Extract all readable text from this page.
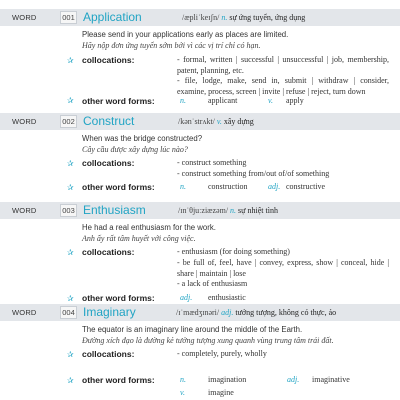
WORD	001 Application	/æpli˙keɪʃn/ n. sự ứng tuyển, ứng dụng
Please send in your applications early as places are limited.
Hãy nộp đơn ứng tuyển sớm bởi vì các vị trí chỉ có hạn.
✰ collocations:	- formal, written | successful | unsuccessful | job, membership, patent, planning, etc.
- file, lodge, make, send in, submit | withdraw | consider, examine, process, screen | invite | refuse | reject, turn down
✰ other word forms:	n.	applicant	v. apply
WORD	002 Construct	/kən˙strʌkt/ v. xây dựng
When was the bridge constructed?
Cây cầu được xây dựng lúc nào?
✰ collocations:	- construct something
- construct something from/out of/of something
✰ other word forms:	n.	construction	adj. constructive
WORD	003 Enthusiasm	/ɪn˙θjuːziæzəm/ n. sự nhiệt tình
He had a real enthusiasm for the work.
Anh ấy rất tâm huyết với công việc.
✰ collocations:	- enthusiasm (for doing something)
- be full of, feel, have | convey, express, show | conceal, hide | share | maintain | lose
- a lack of enthusiasm
✰ other word forms:	adj. enthusiastic
WORD	004 Imaginary	/ɪ˙mædʒɪnəri/ adj. tưởng tượng, không có thực, ảo
The equator is an imaginary line around the middle of the Earth.
Đường xích đạo là đường kẻ tưởng tượng xung quanh vùng trung tâm trái đất.
✰ collocations:	- completely, purely, wholly
✰ other word forms:	n.	imagination	adj. imaginative
v.	imagine
